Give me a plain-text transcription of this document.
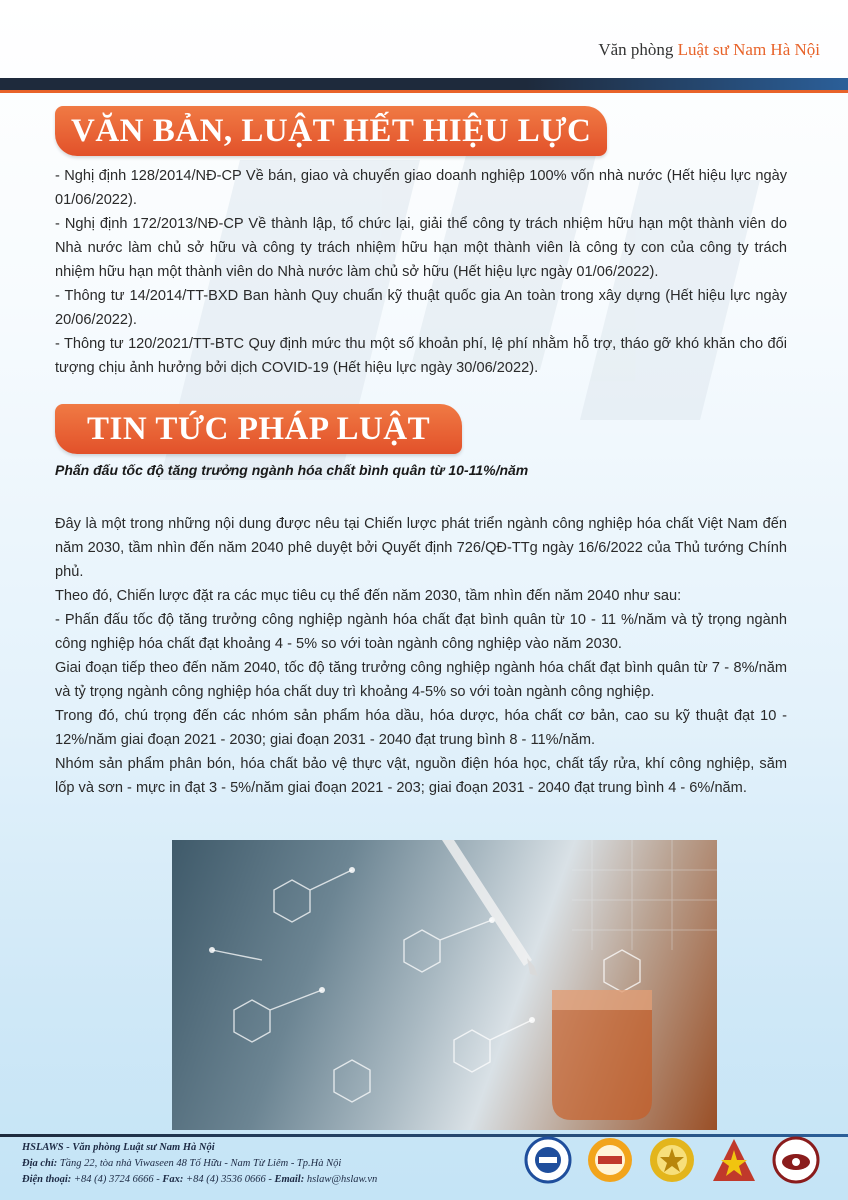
Văn phòng Luật sư Nam Hà Nội
VĂN BẢN, LUẬT HẾT HIỆU LỰC

- Nghị định 128/2014/NĐ-CP Về bán, giao và chuyển giao doanh nghiệp 100% vốn nhà nước (Hết hiệu lực ngày 01/06/2022).

- Nghị định 172/2013/NĐ-CP Về thành lập, tổ chức lại, giải thể công ty trách nhiệm hữu hạn một thành viên do Nhà nước làm chủ sở hữu và công ty trách nhiệm hữu hạn một thành viên là công ty con của công ty trách nhiệm hữu hạn một thành viên do Nhà nước làm chủ sở hữu (Hết hiệu lực ngày 01/06/2022).

- Thông tư 14/2014/TT-BXD Ban hành Quy chuẩn kỹ thuật quốc gia An toàn trong xây dựng (Hết hiệu lực ngày 20/06/2022).

- Thông tư 120/2021/TT-BTC Quy định mức thu một số khoản phí, lệ phí nhằm hỗ trợ, tháo gỡ khó khăn cho đối tượng chịu ảnh hưởng bởi dịch COVID-19 (Hết hiệu lực ngày 30/06/2022).

TIN TỨC PHÁP LUẬT
Phấn đấu tốc độ tăng trưởng ngành hóa chất bình quân từ 10-11%/năm

Đây là một trong những nội dung được nêu tại Chiến lược phát triển ngành công nghiệp hóa chất Việt Nam đến năm 2030, tầm nhìn đến năm 2040 phê duyệt bởi Quyết định 726/QĐ-TTg ngày 16/6/2022 của Thủ tướng Chính phủ.

Theo đó, Chiến lược đặt ra các mục tiêu cụ thể đến năm 2030, tầm nhìn đến năm 2040 như sau:

- Phấn đấu tốc độ tăng trưởng công nghiệp ngành hóa chất đạt bình quân từ 10 - 11 %/năm và tỷ trọng ngành công nghiệp hóa chất đạt khoảng 4 - 5% so với toàn ngành công nghiệp vào năm 2030.

Giai đoạn tiếp theo đến năm 2040, tốc độ tăng trưởng công nghiệp ngành hóa chất đạt bình quân từ 7 - 8%/năm và tỷ trọng ngành công nghiệp hóa chất duy trì khoảng 4-5% so với toàn ngành công nghiệp.

Trong đó, chú trọng đến các nhóm sản phẩm hóa dầu, hóa dược, hóa chất cơ bản, cao su kỹ thuật đạt 10 - 12%/năm giai đoạn 2021 - 2030; giai đoạn 2031 - 2040 đạt trung bình 8 - 11%/năm.

Nhóm sản phẩm phân bón, hóa chất bảo vệ thực vật, nguồn điện hóa học, chất tẩy rửa, khí công nghiệp, săm lốp và sơn - mực in đạt 3 - 5%/năm giai đoạn 2021 - 203; giai đoạn 2031 - 2040 đạt trung bình 4 - 6%/năm.

HSLAWS - Văn phòng Luật sư Nam Hà Nội
Địa chỉ: Tầng 22, tòa nhà Viwaseen 48 Tố Hữu - Nam Từ Liêm - Tp.Hà Nội
Điện thoại: +84 (4) 3724 6666 - Fax: +84 (4) 3536 0666 - Email: hslaw@hslaw.vn
